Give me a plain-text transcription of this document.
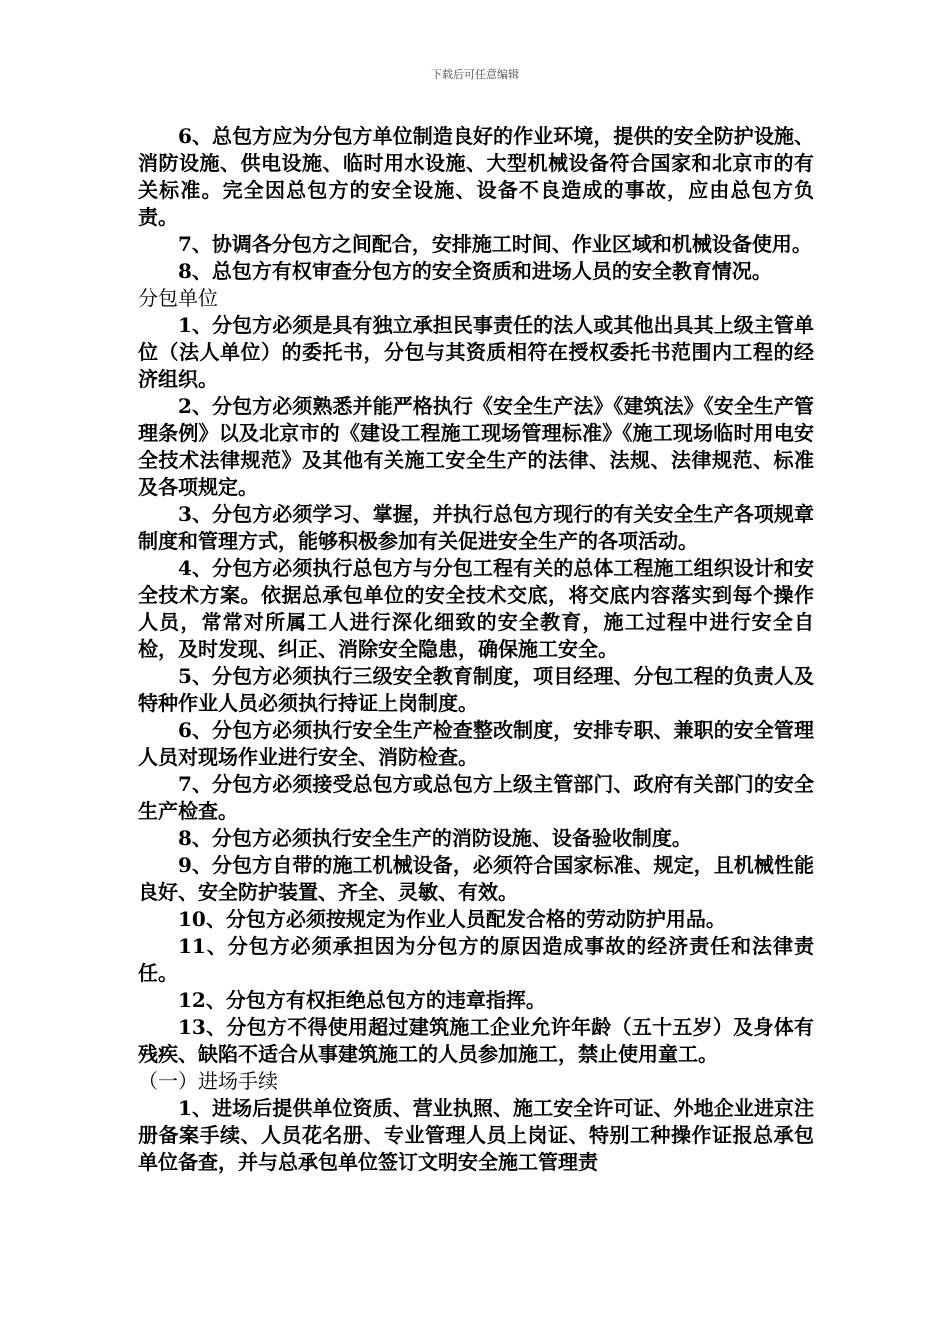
下载后可任意编辑

6、总包方应为分包方单位制造良好的作业环境，提供的安全防护设施、消防设施、供电设施、临时用水设施、大型机械设备符合国家和北京市的有关标准。完全因总包方的安全设施、设备不良造成的事故，应由总包方负责。

7、协调各分包方之间配合，安排施工时间、作业区域和机械设备使用。

8、总包方有权审查分包方的安全资质和进场人员的安全教育情况。

分包单位

1、分包方必须是具有独立承担民事责任的法人或其他出具其上级主管单位（法人单位）的委托书，分包与其资质相符在授权委托书范围内工程的经济组织。

2、分包方必须熟悉并能严格执行《安全生产法》《建筑法》《安全生产管理条例》以及北京市的《建设工程施工现场管理标准》《施工现场临时用电安全技术法律规范》及其他有关施工安全生产的法律、法规、法律规范、标准及各项规定。

3、分包方必须学习、掌握，并执行总包方现行的有关安全生产各项规章制度和管理方式，能够积极参加有关促进安全生产的各项活动。

4、分包方必须执行总包方与分包工程有关的总体工程施工组织设计和安全技术方案。依据总承包单位的安全技术交底，将交底内容落实到每个操作人员，常常对所属工人进行深化细致的安全教育，施工过程中进行安全自检，及时发现、纠正、消除安全隐患，确保施工安全。

5、分包方必须执行三级安全教育制度，项目经理、分包工程的负责人及特种作业人员必须执行持证上岗制度。

6、分包方必须执行安全生产检查整改制度，安排专职、兼职的安全管理人员对现场作业进行安全、消防检查。

7、分包方必须接受总包方或总包方上级主管部门、政府有关部门的安全生产检查。

8、分包方必须执行安全生产的消防设施、设备验收制度。

9、分包方自带的施工机械设备，必须符合国家标准、规定，且机械性能良好、安全防护装置、齐全、灵敏、有效。

10、分包方必须按规定为作业人员配发合格的劳动防护用品。

11、分包方必须承担因为分包方的原因造成事故的经济责任和法律责任。

12、分包方有权拒绝总包方的违章指挥。

13、分包方不得使用超过建筑施工企业允许年龄（五十五岁）及身体有残疾、缺陷不适合从事建筑施工的人员参加施工，禁止使用童工。

（一）进场手续

1、进场后提供单位资质、营业执照、施工安全许可证、外地企业进京注册备案手续、人员花名册、专业管理人员上岗证、特别工种操作证报总承包单位备查，并与总承包单位签订文明安全施工管理责
